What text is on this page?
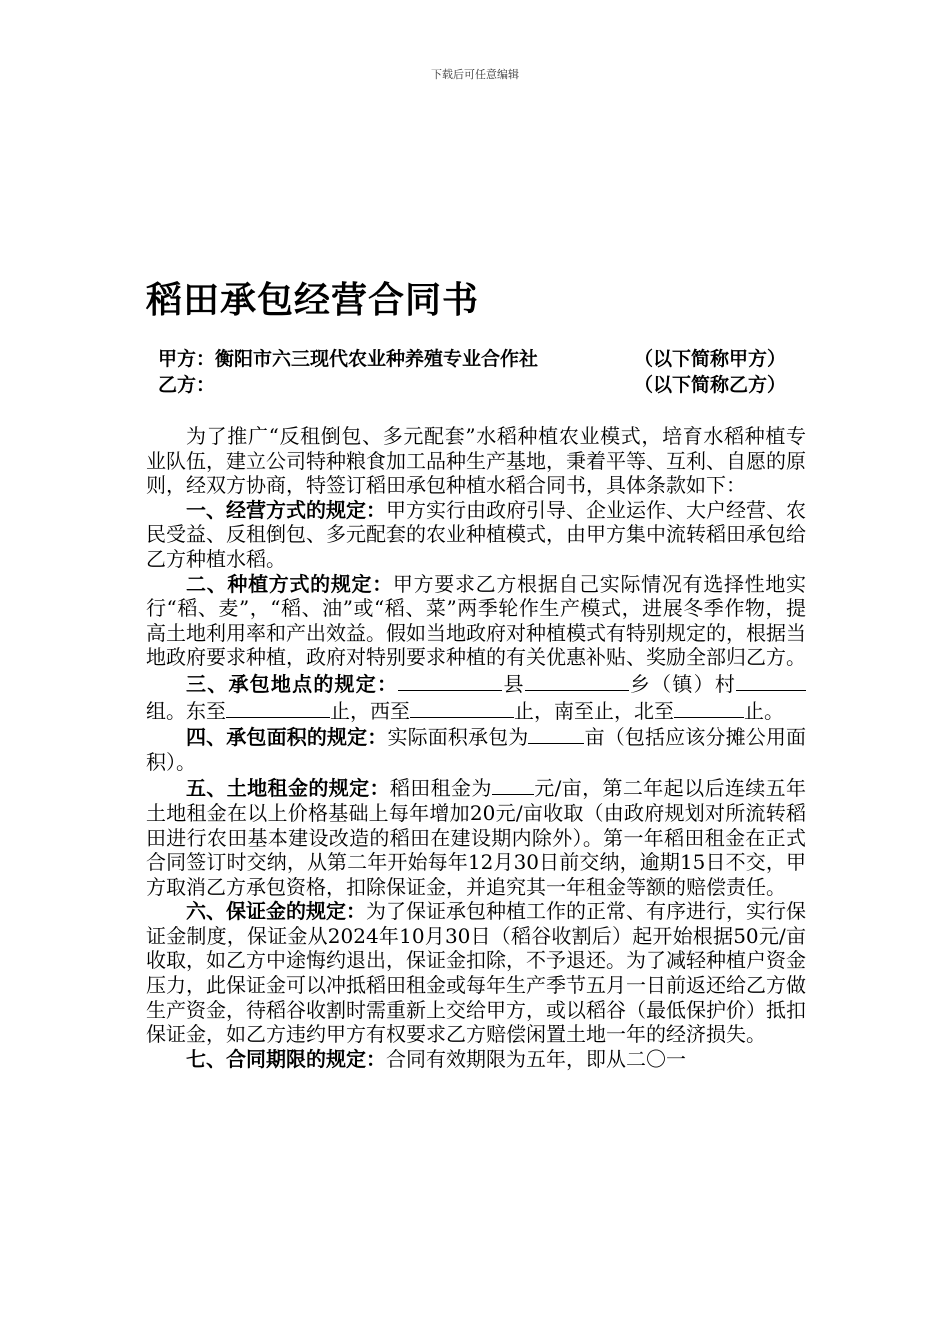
下载后可任意编辑
稻田承包经营合同书
甲方：衡阳市六三现代农业种养殖专业合作社	（以下简称甲方）
乙方：	（以下简称乙方）

为了推广“反租倒包、多元配套”水稻种植农业模式，培育水稻种植专业队伍，建立公司特种粮食加工品种生产基地，秉着平等、互利、自愿的原则，经双方协商，特签订稻田承包种植水稻合同书，具体条款如下：

一、经营方式的规定：甲方实行由政府引导、企业运作、大户经营、农民受益、反租倒包、多元配套的农业种植模式，由甲方集中流转稻田承包给乙方种植水稻。

二、种植方式的规定：甲方要求乙方根据自己实际情况有选择性地实行“稻、麦”，“稻、油”或“稻、菜”两季轮作生产模式，进展冬季作物，提高土地利用率和产出效益。假如当地政府对种植模式有特别规定的，根据当地政府要求种植，政府对特别要求种植的有关优惠补贴、奖励全部归乙方。

三、承包地点的规定：	县	乡（镇）村组。东至	止，西至	止，南至止，北至	止。

四、承包面积的规定：实际面积承包为	亩（包括应该分摊公用面积）。

五、土地租金的规定：稻田租金为 元/亩，第二年起以后连续五年土地租金在以上价格基础上每年增加20元/亩收取（由政府规划对所流转稻田进行农田基本建设改造的稻田在建设期内除外）。第一年稻田租金在正式合同签订时交纳，从第二年开始每年12月30日前交纳，逾期15日不交，甲方取消乙方承包资格，扣除保证金，并追究其一年租金等额的赔偿责任。

六、保证金的规定：为了保证承包种植工作的正常、有序进行，实行保证金制度，保证金从2024年10月30日（稻谷收割后）起开始根据50元/亩收取，如乙方中途悔约退出，保证金扣除，不予退还。为了减轻种植户资金压力，此保证金可以冲抵稻田租金或每年生产季节五月一日前返还给乙方做生产资金，待稻谷收割时需重新上交给甲方，或以稻谷（最低保护价）抵扣保证金，如乙方违约甲方有权要求乙方赔偿闲置土地一年的经济损失。

七、合同期限的规定：合同有效期限为五年，即从二〇一
